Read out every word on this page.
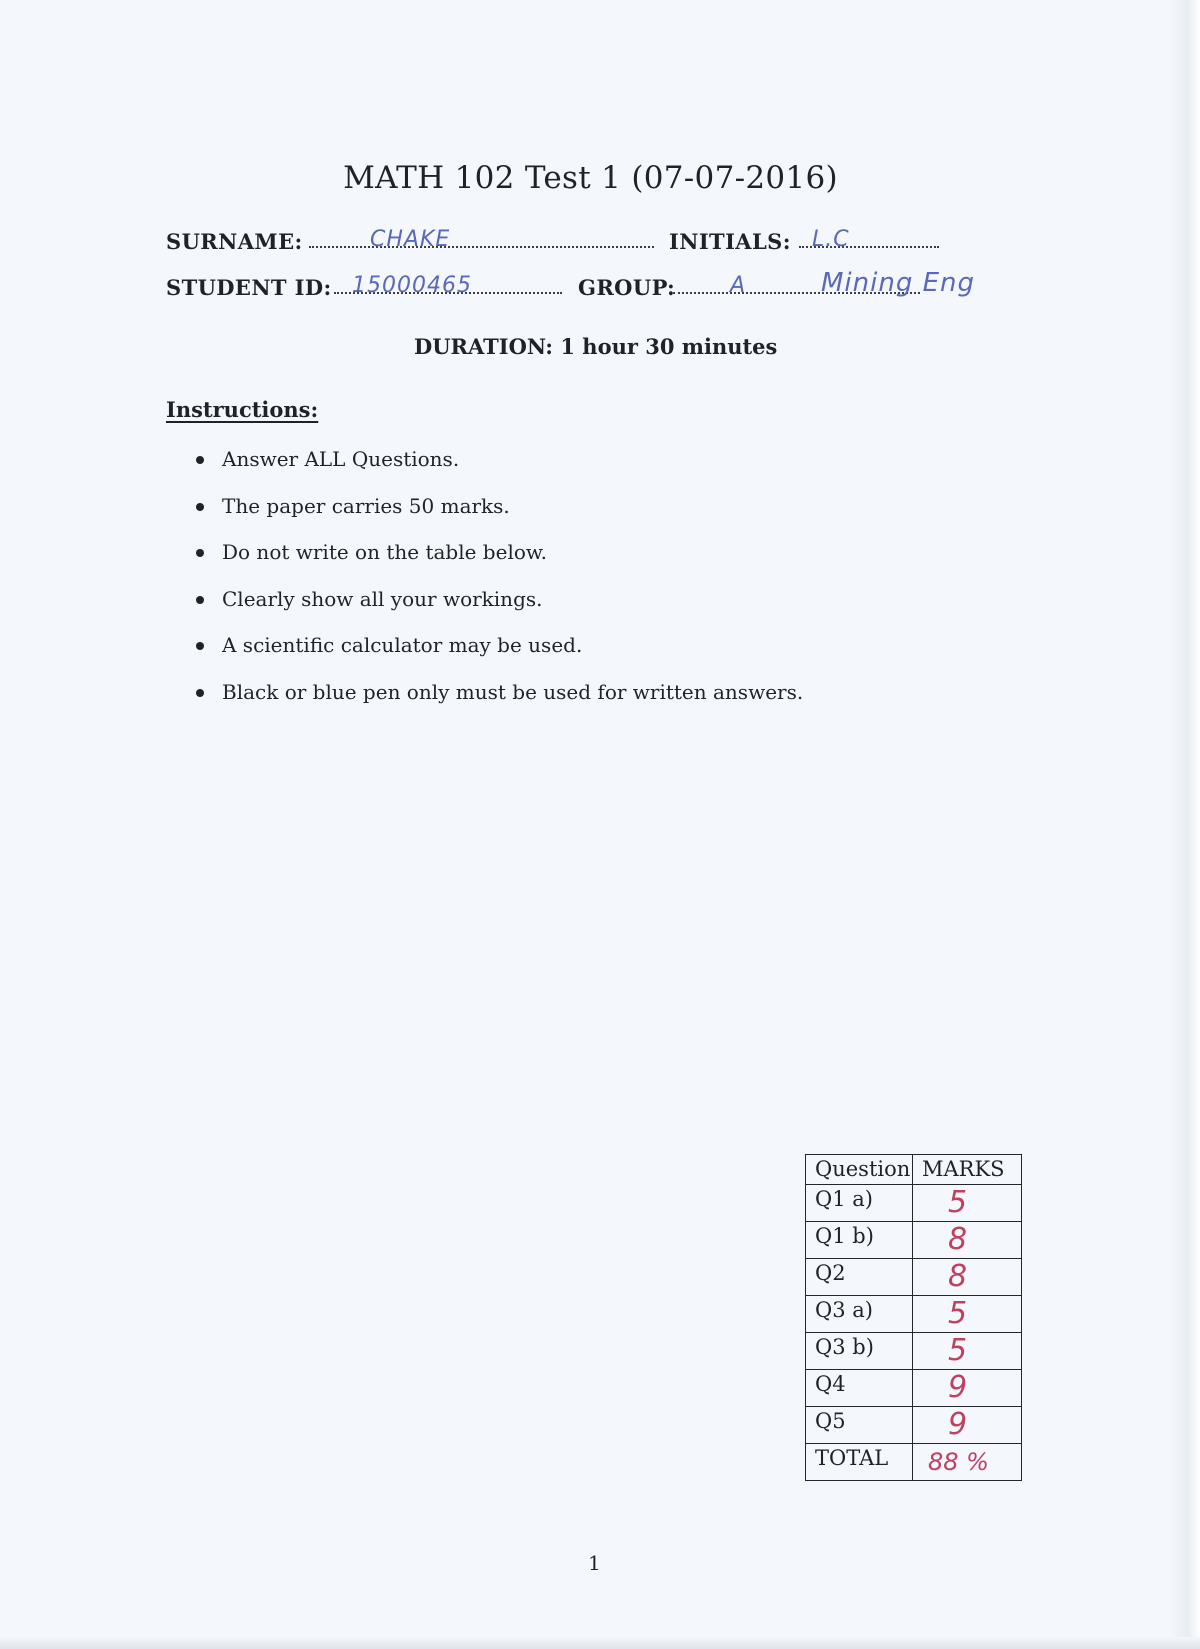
MATH 102 Test 1 (07-07-2016)
SURNAME:	CHAKE	INITIALS: L.C
STUDENT ID: 15000465	GROUP: A	Mining Eng
DURATION: 1 hour 30 minutes
Instructions:
Answer ALL Questions.
The paper carries 50 marks.
Do not write on the table below.
Clearly show all your workings.
A scientific calculator may be used.
Black or blue pen only must be used for written answers.
Question	MARKS
Q1 a)	5
Q1 b)	8
Q2	8
Q3 a)	5
Q3 b)	5
Q4	9
Q5	9
TOTAL	88 %
1
